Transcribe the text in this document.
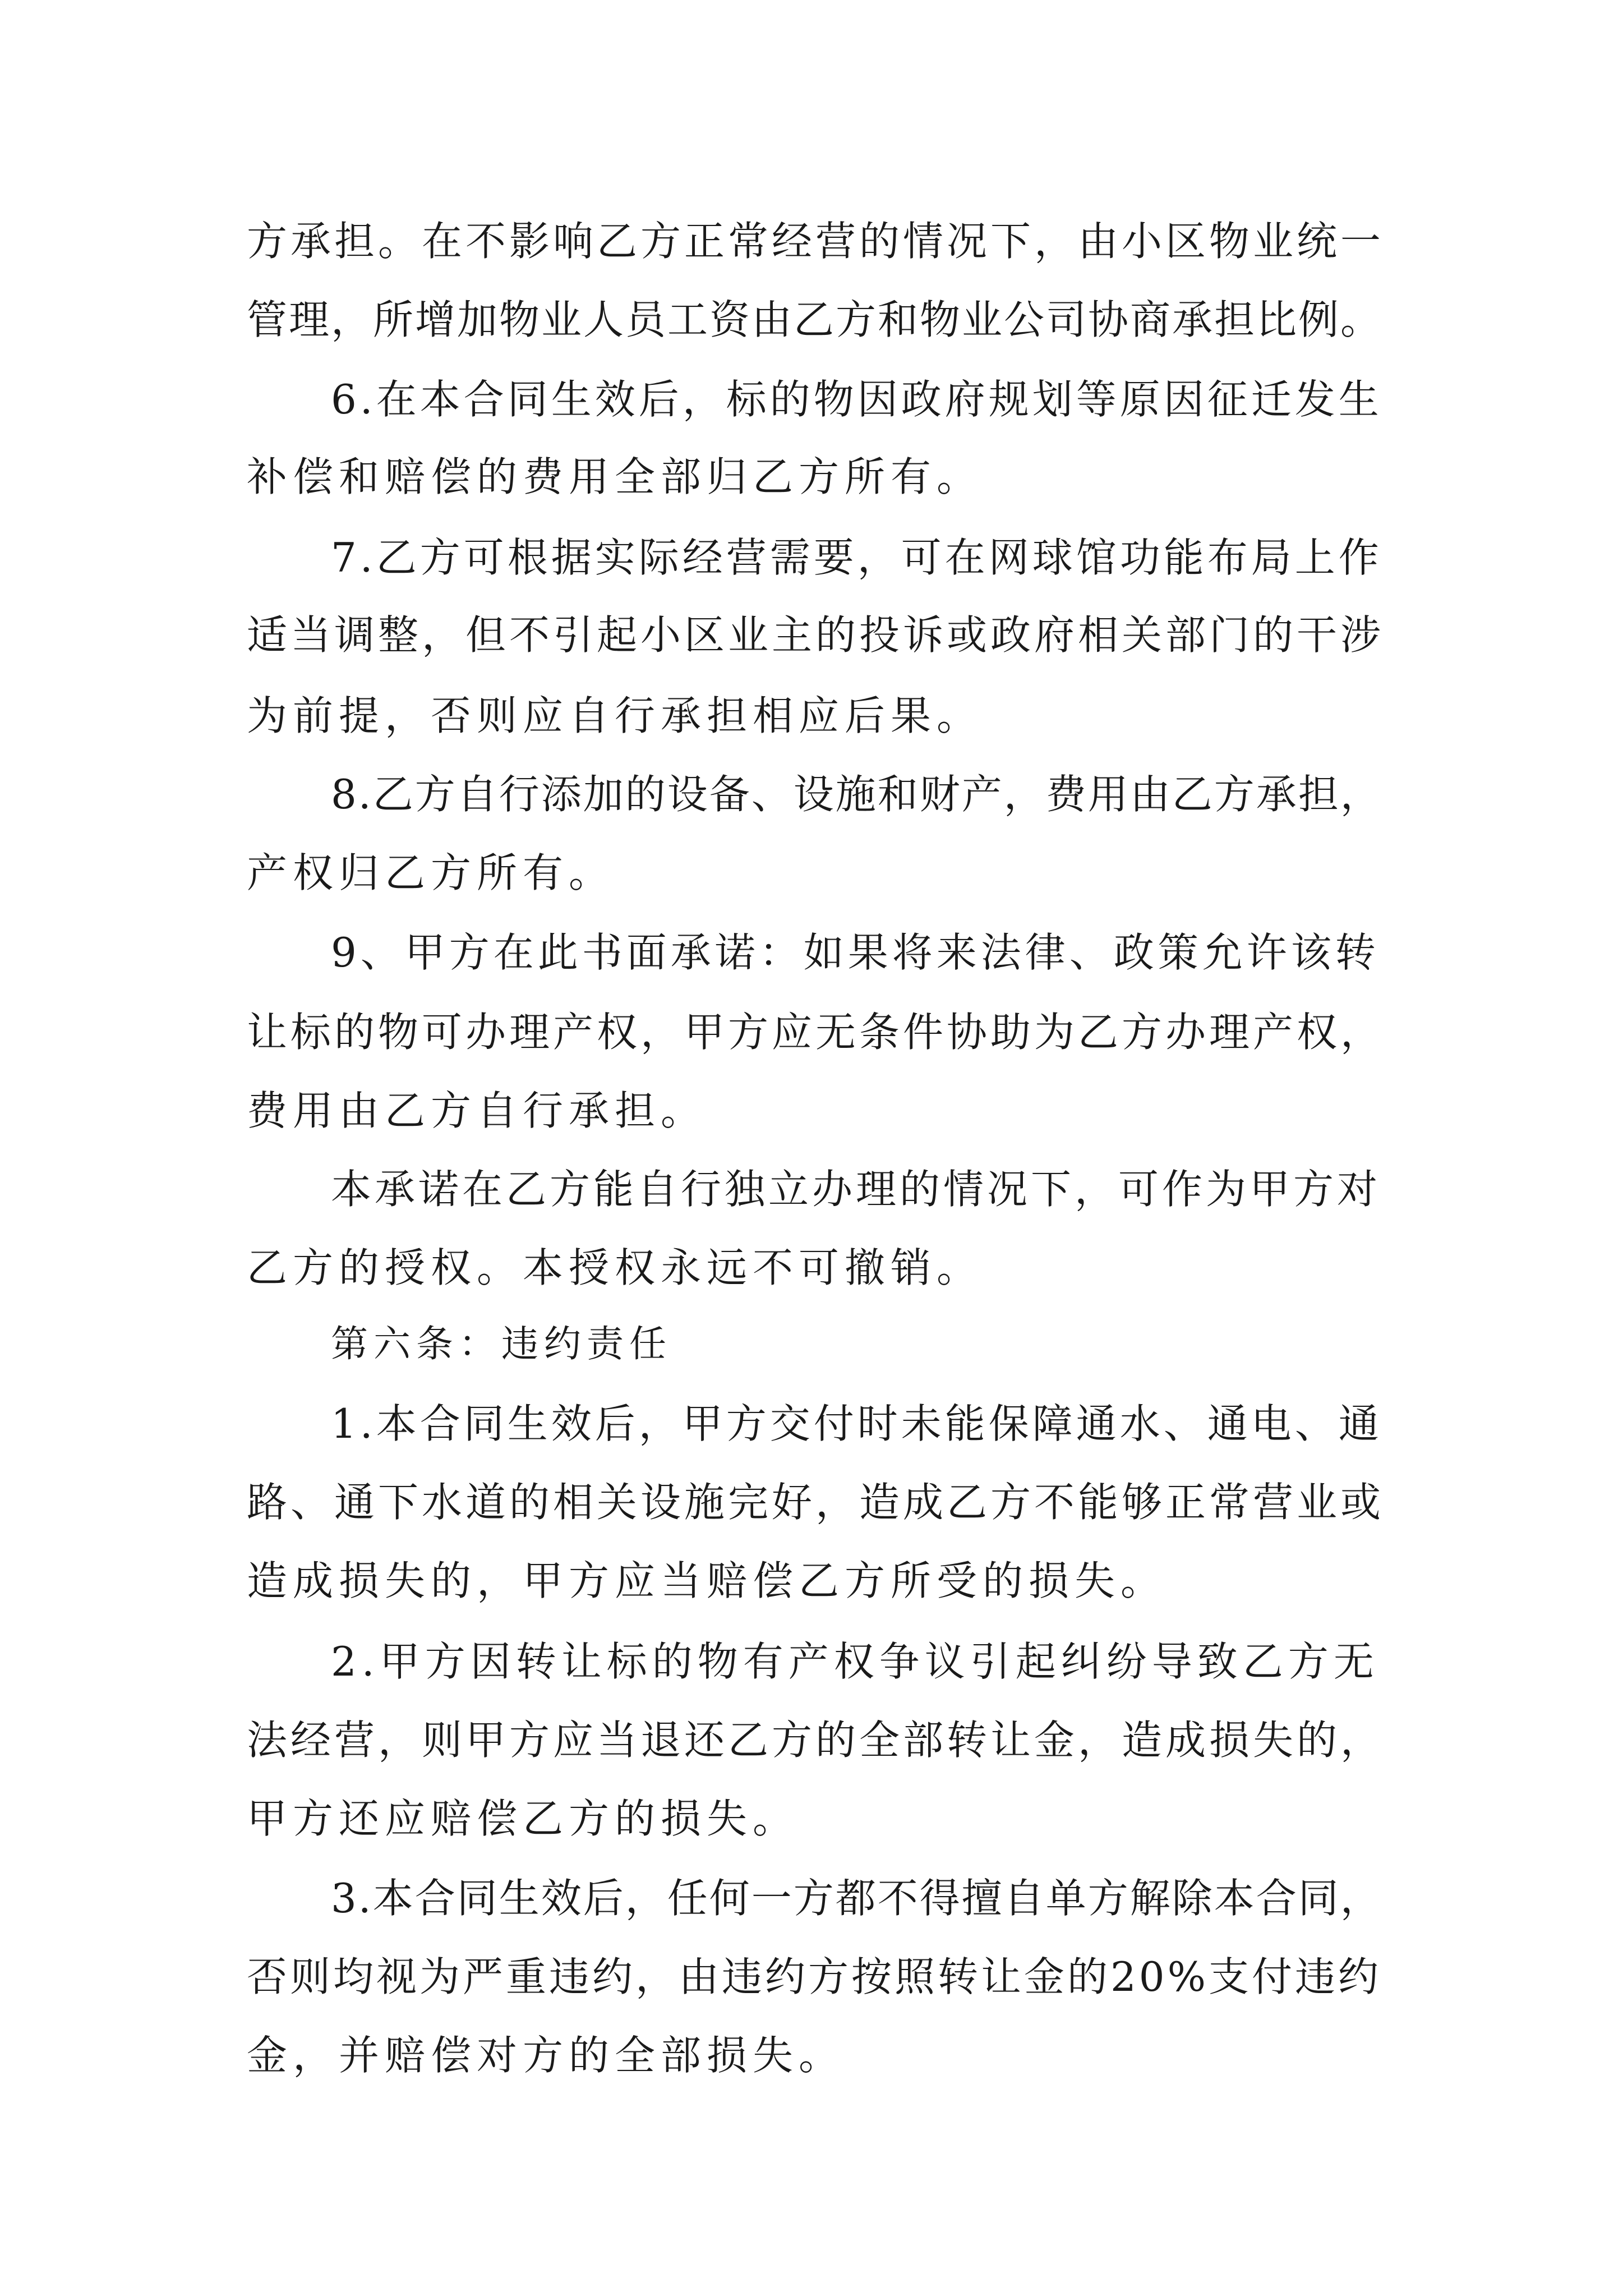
方承担。在不影响乙方正常经营的情况下，由小区物业统一

管理，所增加物业人员工资由乙方和物业公司协商承担比例。

6.在本合同生效后，标的物因政府规划等原因征迁发生

补偿和赔偿的费用全部归乙方所有。

7.乙方可根据实际经营需要，可在网球馆功能布局上作

适当调整，但不引起小区业主的投诉或政府相关部门的干涉

为前提，否则应自行承担相应后果。

8.乙方自行添加的设备、设施和财产，费用由乙方承担，

产权归乙方所有。

9、甲方在此书面承诺：如果将来法律、政策允许该转

让标的物可办理产权，甲方应无条件协助为乙方办理产权，

费用由乙方自行承担。

本承诺在乙方能自行独立办理的情况下，可作为甲方对

乙方的授权。本授权永远不可撤销。

第六条：违约责任

1.本合同生效后，甲方交付时未能保障通水、通电、通

路、通下水道的相关设施完好，造成乙方不能够正常营业或

造成损失的，甲方应当赔偿乙方所受的损失。

2.甲方因转让标的物有产权争议引起纠纷导致乙方无

法经营，则甲方应当退还乙方的全部转让金，造成损失的，

甲方还应赔偿乙方的损失。

3.本合同生效后，任何一方都不得擅自单方解除本合同，

否则均视为严重违约，由违约方按照转让金的20%支付违约

金，并赔偿对方的全部损失。
